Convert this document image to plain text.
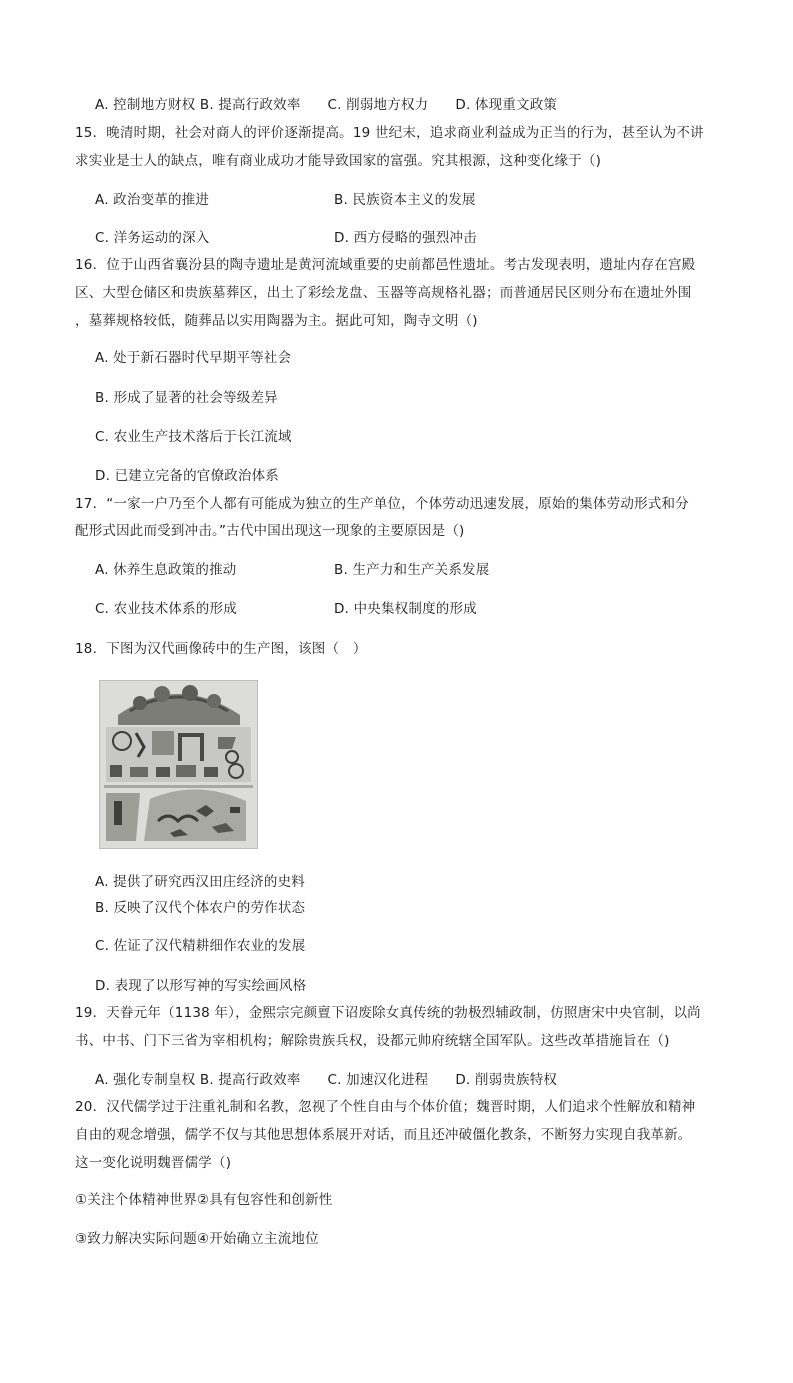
A. 控制地方财权 B. 提高行政效率 C. 削弱地方权力 D. 体现重文政策
15．晚清时期，社会对商人的评价逐渐提高。19 世纪末，追求商业利益成为正当的行为，甚至认为不讲
求实业是士人的缺点，唯有商业成功才能导致国家的富强。究其根源，这种变化缘于（)
A. 政治变革的推进	B. 民族资本主义的发展
C. 洋务运动的深入	D. 西方侵略的强烈冲击
16．位于山西省襄汾县的陶寺遗址是黄河流域重要的史前都邑性遗址。考古发现表明，遗址内存在宫殿
区、大型仓储区和贵族墓葬区，出土了彩绘龙盘、玉器等高规格礼器；而普通居民区则分布在遗址外围
，墓葬规格较低，随葬品以实用陶器为主。据此可知，陶寺文明（)
A. 处于新石器时代早期平等社会
B. 形成了显著的社会等级差异
C. 农业生产技术落后于长江流域
D. 已建立完备的官僚政治体系
17．“一家一户乃至个人都有可能成为独立的生产单位，个体劳动迅速发展，原始的集体劳动形式和分
配形式因此而受到冲击。”古代中国出现这一现象的主要原因是（)
A. 休养生息政策的推动	B. 生产力和生产关系发展
C. 农业技术体系的形成	D. 中央集权制度的形成
18．下图为汉代画像砖中的生产图，该图（　）
A. 提供了研究西汉田庄经济的史料
B. 反映了汉代个体农户的劳作状态
C. 佐证了汉代精耕细作农业的发展
D. 表现了以形写神的写实绘画风格
19．天眷元年（1138 年），金熙宗完颜亶下诏废除女真传统的勃极烈辅政制，仿照唐宋中央官制，以尚
书、中书、门下三省为宰相机构；解除贵族兵权，设都元帅府统辖全国军队。这些改革措施旨在（)
A. 强化专制皇权 B. 提高行政效率 C. 加速汉化进程 D. 削弱贵族特权
20．汉代儒学过于注重礼制和名教，忽视了个性自由与个体价值；魏晋时期，人们追求个性解放和精神
自由的观念增强，儒学不仅与其他思想体系展开对话，而且还冲破僵化教条，不断努力实现自我革新。
这一变化说明魏晋儒学（)
①关注个体精神世界②具有包容性和创新性
③致力解决实际问题④开始确立主流地位
